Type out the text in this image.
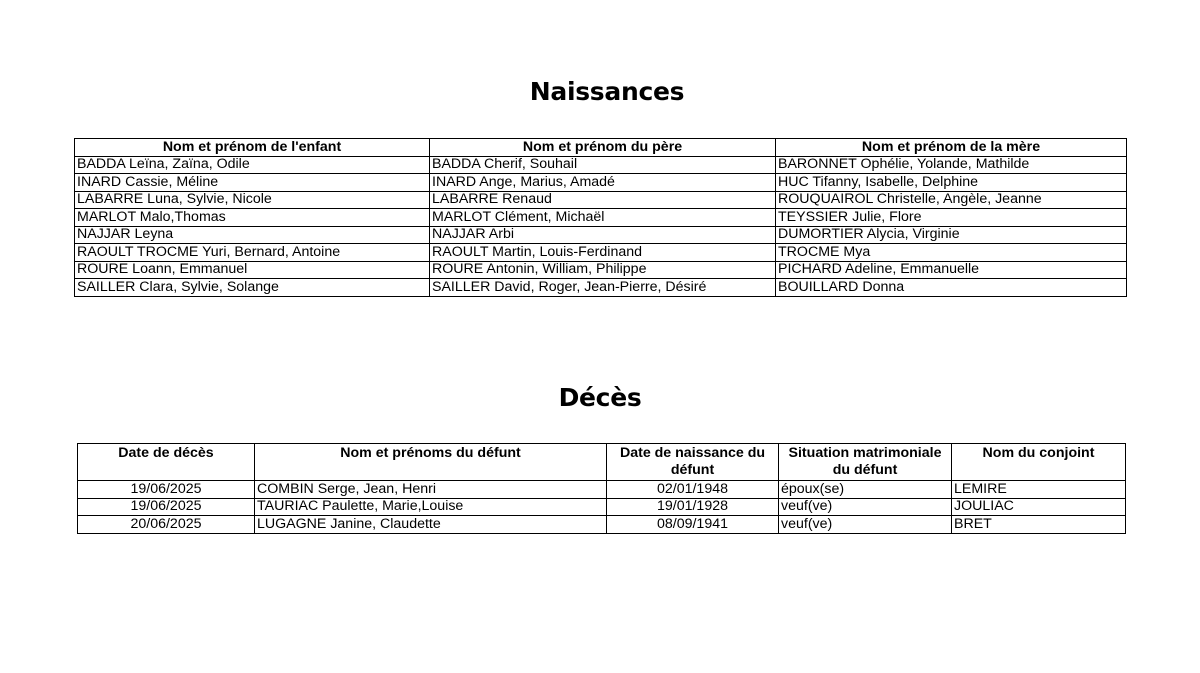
Naissances
Nom et prénom de l'enfant	Nom et prénom du père	Nom et prénom de la mère
BADDA Leïna, Zaïna, Odile	BADDA Cherif, Souhail	BARONNET Ophélie, Yolande, Mathilde
INARD Cassie, Méline	INARD Ange, Marius, Amadé	HUC Tifanny, Isabelle, Delphine
LABARRE Luna, Sylvie, Nicole	LABARRE Renaud	ROUQUAIROL Christelle, Angèle, Jeanne
MARLOT Malo,Thomas	MARLOT Clément, Michaël	TEYSSIER Julie, Flore
NAJJAR Leyna	NAJJAR Arbi	DUMORTIER Alycia, Virginie
RAOULT TROCME Yuri, Bernard, Antoine	RAOULT Martin, Louis-Ferdinand	TROCME Mya
ROURE Loann, Emmanuel	ROURE Antonin, William, Philippe	PICHARD Adeline, Emmanuelle
SAILLER Clara, Sylvie, Solange	SAILLER David, Roger, Jean-Pierre, Désiré	BOUILLARD Donna
Décès
Date de décès	Nom et prénoms du défunt	Date de naissance du défunt	Situation matrimoniale du défunt	Nom du conjoint
19/06/2025	COMBIN Serge, Jean, Henri	02/01/1948	époux(se)	LEMIRE
19/06/2025	TAURIAC Paulette, Marie,Louise	19/01/1928	veuf(ve)	JOULIAC
20/06/2025	LUGAGNE Janine, Claudette	08/09/1941	veuf(ve)	BRET
